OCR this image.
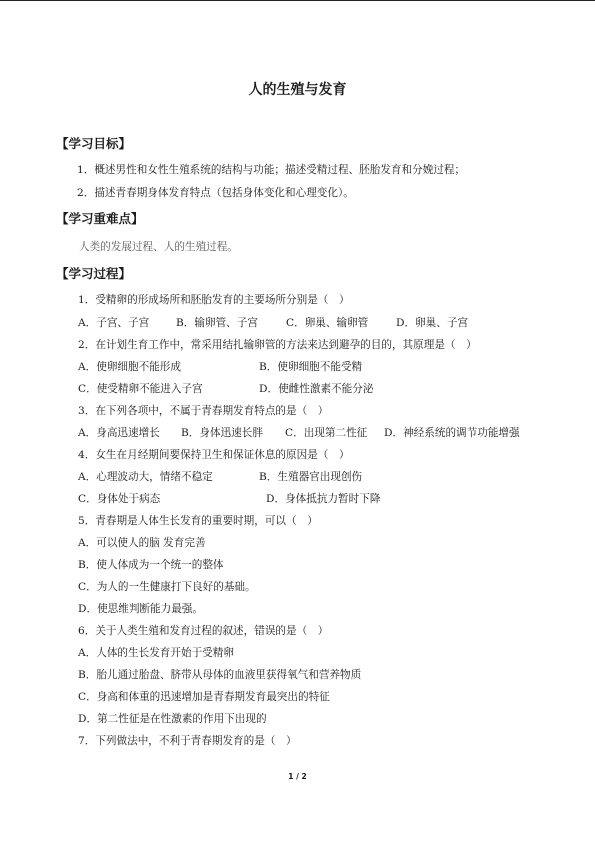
人的生殖与发育
【学习目标】
1．概述男性和女性生殖系统的结构与功能；描述受精过程、胚胎发育和分娩过程；
2．描述青春期身体发育特点（包括身体变化和心理变化）。
【学习重难点】
人类的发展过程、人的生殖过程。
【学习过程】
1．受精卵的形成场所和胚胎发育的主要场所分别是（　）
A．子宫、子宫	B．输卵管、子宫	C．卵巢、输卵管	D．卵巢、子宫
2．在计划生育工作中，常采用结扎输卵管的方法来达到避孕的目的，其原理是（　）
A．使卵细胞不能形成	B．使卵细胞不能受精
C．使受精卵不能进入子宫	D．使雌性激素不能分泌
3．在下列各项中，不属于青春期发育特点的是（　）
A．身高迅速增长 B．身体迅速长胖 C．出现第二性征 D．神经系统的调节功能增强
4．女生在月经期间要保持卫生和保证休息的原因是（　）
A．心理波动大，情绪不稳定	B．生殖器官出现创伤
C．身体处于病态	D．身体抵抗力暂时下降
5．青春期是人体生长发育的重要时期，可以（　）
A．可以使人的脑 发育完善
B．使人体成为一个统一的整体
C．为人的一生健康打下良好的基础。
D．使思维判断能力最强。
6．关于人类生殖和发育过程的叙述，错误的是（　）
A．人体的生长发育开始于受精卵
B．胎儿通过胎盘、脐带从母体的血液里获得氧气和营养物质
C．身高和体重的迅速增加是青春期发育最突出的特征
D．第二性征是在性激素的作用下出现的
7．下列做法中，不利于青春期发育的是（　）
1 / 2
